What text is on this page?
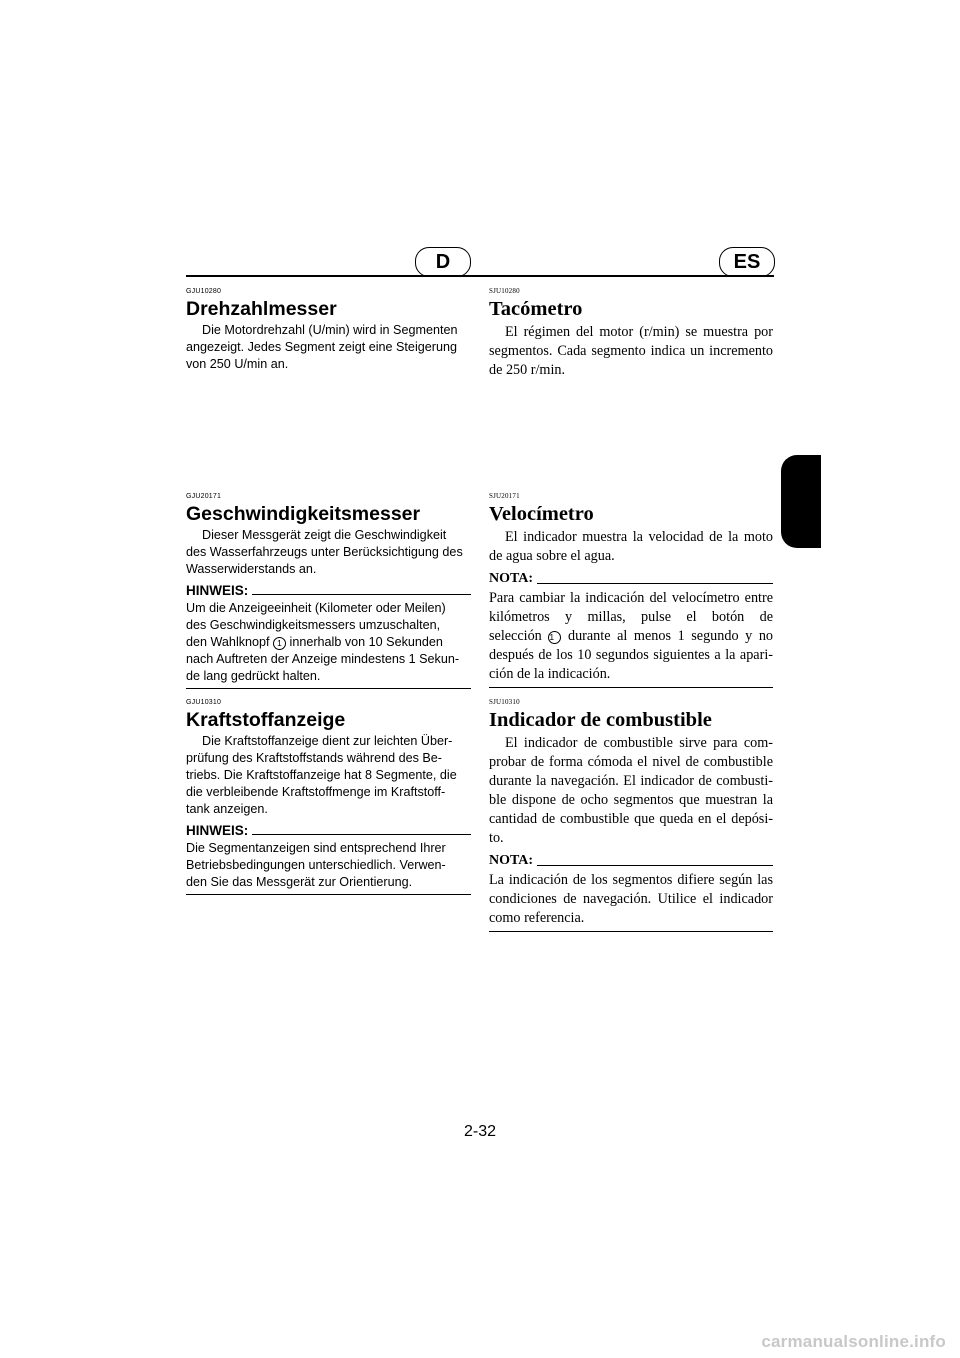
D	ES
GJU10280
Drehzahlmesser
Die Motordrehzahl (U/min) wird in Segmenten
angezeigt. Jedes Segment zeigt eine Steigerung
von 250 U/min an.
GJU20171
Geschwindigkeitsmesser
Dieser Messgerät zeigt die Geschwindigkeit
des Wasserfahrzeugs unter Berücksichtigung des
Wasserwiderstands an.
HINWEIS:
Um die Anzeigeeinheit (Kilometer oder Meilen)
des Geschwindigkeitsmessers umzuschalten,
den Wahlknopf 1 innerhalb von 10 Sekunden
nach Auftreten der Anzeige mindestens 1 Sekun-
de lang gedrückt halten.
GJU10310
Kraftstoffanzeige
Die Kraftstoffanzeige dient zur leichten Über-
prüfung des Kraftstoffstands während des Be-
triebs. Die Kraftstoffanzeige hat 8 Segmente, die
die verbleibende Kraftstoffmenge im Kraftstoff-
tank anzeigen.
HINWEIS:
Die Segmentanzeigen sind entsprechend Ihrer
Betriebsbedingungen unterschiedlich. Verwen-
den Sie das Messgerät zur Orientierung.
SJU10280
Tacómetro
El régimen del motor (r/min) se muestra por
segmentos. Cada segmento indica un incremento
de 250 r/min.
SJU20171
Velocímetro
El indicador muestra la velocidad de la moto
de agua sobre el agua.
NOTA:
Para cambiar la indicación del velocímetro entre
kilómetros y millas, pulse el botón de
selección 1 durante al menos 1 segundo y no
después de los 10 segundos siguientes a la apari-
ción de la indicación.
SJU10310
Indicador de combustible
El indicador de combustible sirve para com-
probar de forma cómoda el nivel de combustible
durante la navegación. El indicador de combusti-
ble dispone de ocho segmentos que muestran la
cantidad de combustible que queda en el depósi-
to.
NOTA:
La indicación de los segmentos difiere según las
condiciones de navegación. Utilice el indicador
como referencia.
2-32
carmanualsonline.info
